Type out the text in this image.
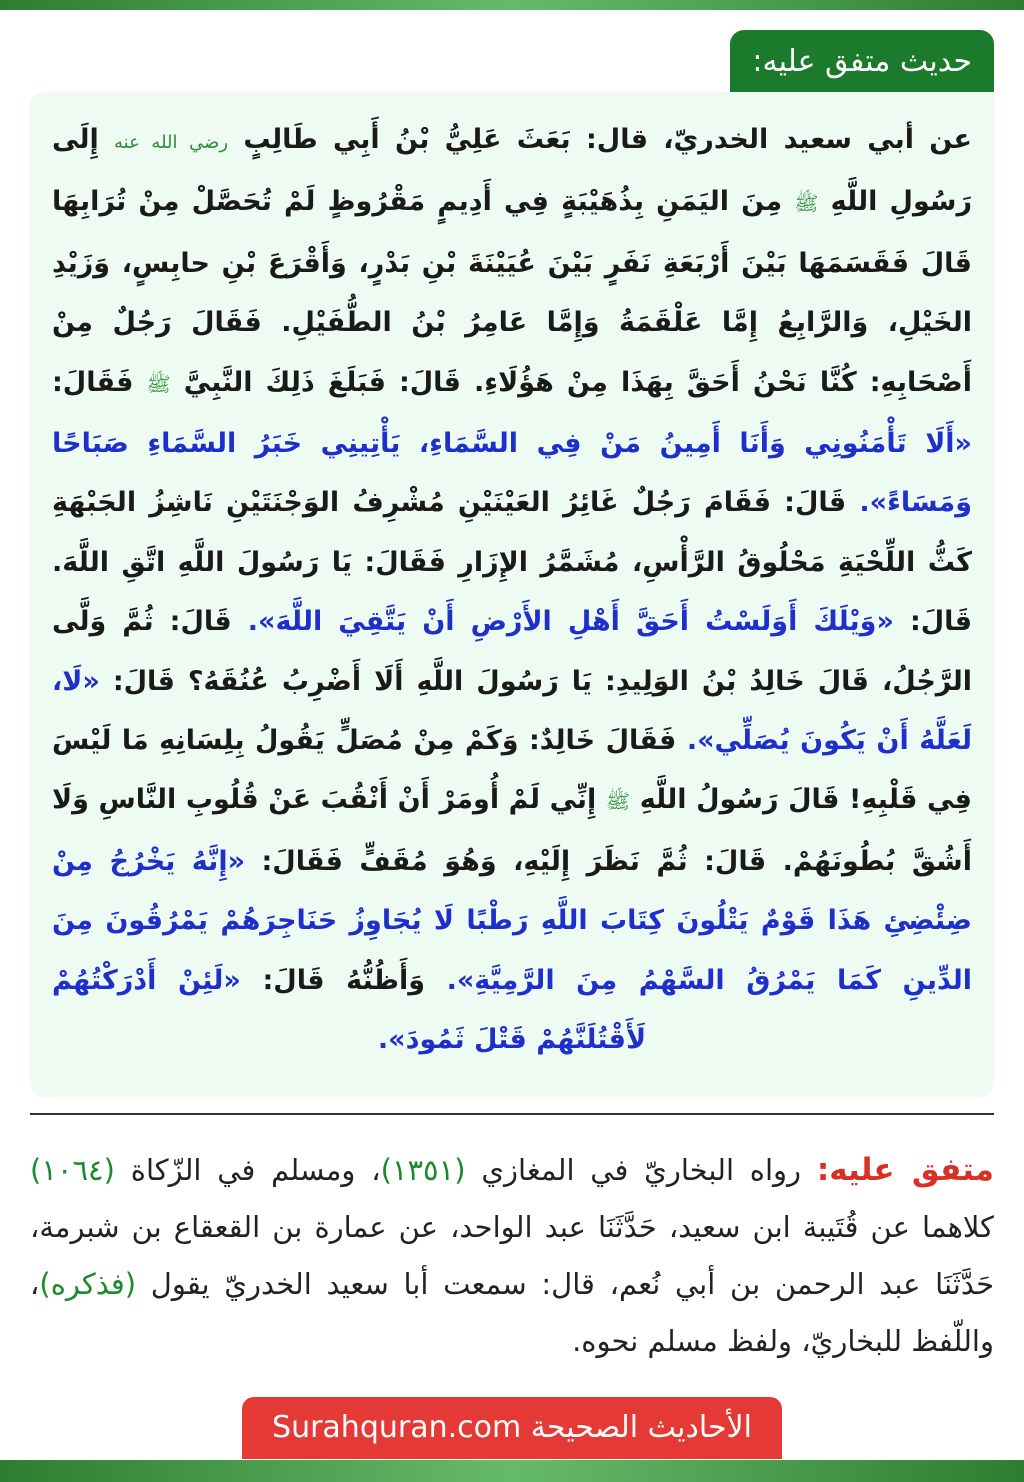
حديث متفق عليه:
عن أبي سعيد الخدريّ، قال: بَعَثَ عَلِيُّ بْنُ أَبِي طَالِبٍ رضي الله عنه إِلَى رَسُولِ اللَّهِ ﷺ مِنَ اليَمَنِ بِذُهَيْبَةٍ فِي أَدِيمٍ مَقْرُوظٍ لَمْ تُحَصَّلْ مِنْ تُرَابِهَا قَالَ فَقَسَمَهَا بَيْنَ أَرْبَعَةِ نَفَرٍ بَيْنَ عُيَيْنَةَ بْنِ بَدْرٍ، وَأَقْرَعَ بْنِ حابِسٍ، وَزَيْدِ الخَيْلِ، وَالرَّابِعُ إِمَّا عَلْقَمَةُ وَإِمَّا عَامِرُ بْنُ الطُّفَيْلِ. فَقَالَ رَجُلٌ مِنْ أَصْحَابِهِ: كُنَّا نَحْنُ أَحَقَّ بِهَذَا مِنْ هَؤُلَاءِ. قَالَ: فَبَلَغَ ذَلِكَ النَّبِيَّ ﷺ فَقَالَ: «أَلَا تَأْمَنُونِي وَأَنَا أَمِينُ مَنْ فِي السَّمَاءِ، يَأْتِينِي خَبَرُ السَّمَاءِ صَبَاحًا وَمَسَاءً». قَالَ: فَقَامَ رَجُلٌ غَائِرُ العَيْنَيْنِ مُشْرِفُ الوَجْنَتَيْنِ نَاشِزُ الجَبْهَةِ كَثُّ اللِّحْيَةِ مَحْلُوقُ الرَّأْسِ، مُشَمَّرُ الإِزَارِ فَقَالَ: يَا رَسُولَ اللَّهِ اتَّقِ اللَّهَ. قَالَ: «وَيْلَكَ أَوَلَسْتُ أَحَقَّ أَهْلِ الأَرْضِ أَنْ يَتَّقِيَ اللَّهَ». قَالَ: ثُمَّ وَلَّى الرَّجُلُ، قَالَ خَالِدُ بْنُ الوَلِيدِ: يَا رَسُولَ اللَّهِ أَلَا أَضْرِبُ عُنُقَهُ؟ قَالَ: «لَا، لَعَلَّهُ أَنْ يَكُونَ يُصَلِّي». فَقَالَ خَالِدٌ: وَكَمْ مِنْ مُصَلٍّ يَقُولُ بِلِسَانِهِ مَا لَيْسَ فِي قَلْبِهِ! قَالَ رَسُولُ اللَّهِ ﷺ إِنِّي لَمْ أُومَرْ أَنْ أَنْقُبَ عَنْ قُلُوبِ النَّاسِ وَلَا أَشُقَّ بُطُونَهُمْ. قَالَ: ثُمَّ نَظَرَ إِلَيْهِ، وَهُوَ مُقَفٍّ فَقَالَ: «إِنَّهُ يَخْرُجُ مِنْ ضِئْضِئِ هَذَا قَوْمٌ يَتْلُونَ كِتَابَ اللَّهِ رَطْبًا لَا يُجَاوِزُ حَنَاجِرَهُمْ يَمْرُقُونَ مِنَ الدِّينِ كَمَا يَمْرُقُ السَّهْمُ مِنَ الرَّمِيَّةِ». وَأَظُنُّهُ قَالَ: «لَئِنْ أَدْرَكْتُهُمْ لَأَقْتُلَنَّهُمْ قَتْلَ ثَمُودَ».
متفق عليه: رواه البخاريّ في المغازي (١٣٥١)، ومسلم في الزّكاة (١٠٦٤) كلاهما عن قُتَيبة ابن سعيد، حَدَّثَنَا عبد الواحد، عن عمارة بن القعقاع بن شبرمة، حَدَّثَنَا عبد الرحمن بن أبي نُعم، قال: سمعت أبا سعيد الخدريّ يقول (فذكره)، واللّفظ للبخاريّ، ولفظ مسلم نحوه.
الأحاديث الصحيحة Surahquran.com
